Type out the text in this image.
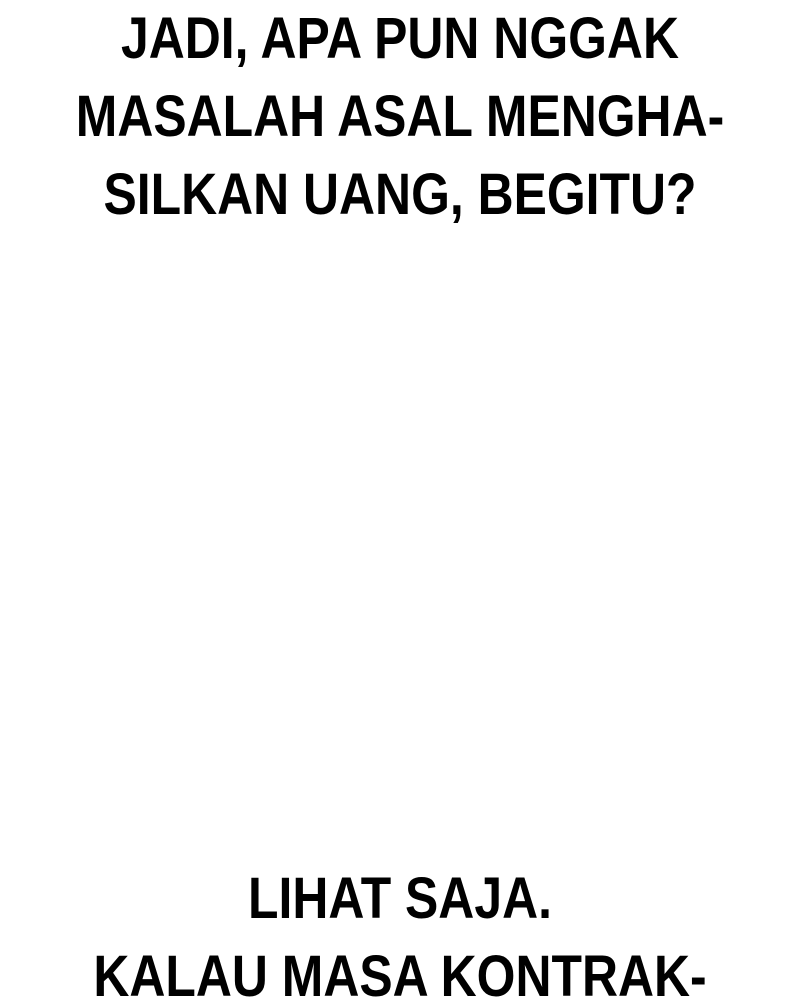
JADI, APA PUN NGGAK
MASALAH ASAL MENGHA-
SILKAN UANG, BEGITU?
LIHAT SAJA.
KALAU MASA KONTRAK-
